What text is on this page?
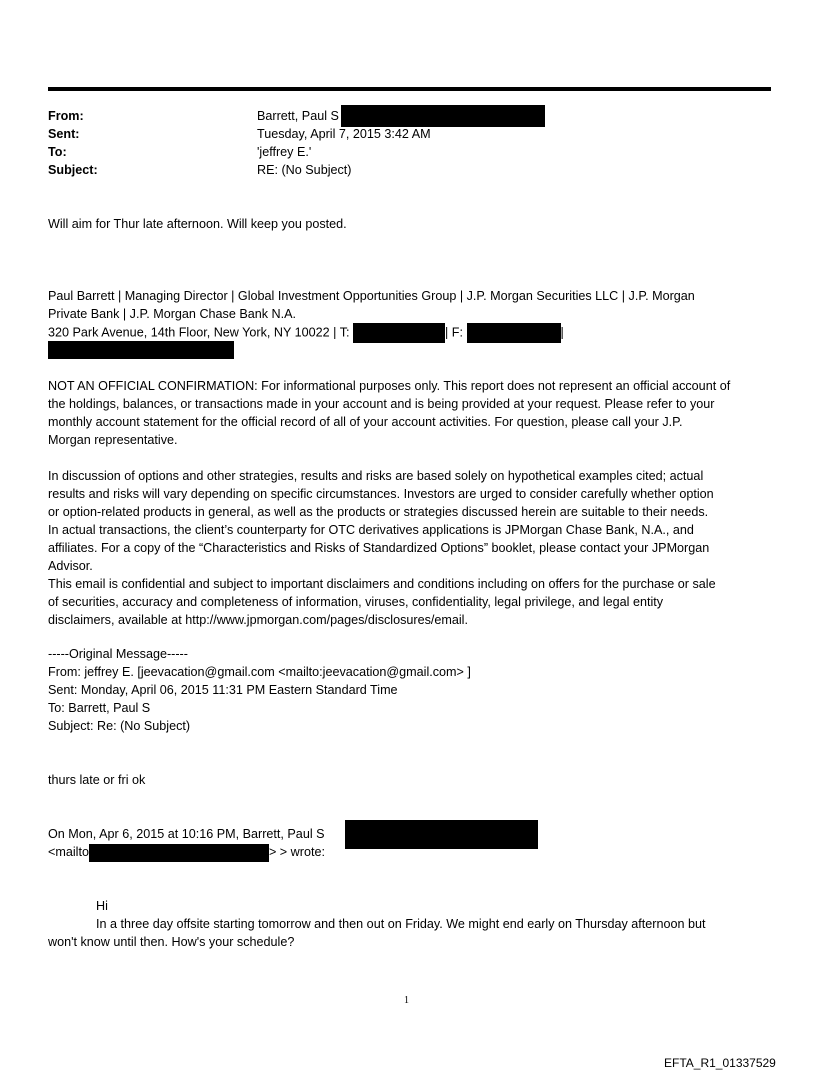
From:	Barrett, Paul S
Sent:	Tuesday, April 7, 2015 3:42 AM
To:	'jeffrey E.'
Subject:	RE: (No Subject)
Will aim for Thur late afternoon. Will keep you posted.
Paul Barrett | Managing Director | Global Investment Opportunities Group | J.P. Morgan Securities LLC | J.P. Morgan
Private Bank | J.P. Morgan Chase Bank N.A.
320 Park Avenue, 14th Floor, New York, NY 10022 | T:	| F:	|
NOT AN OFFICIAL CONFIRMATION: For informational purposes only. This report does not represent an official account of
the holdings, balances, or transactions made in your account and is being provided at your request. Please refer to your
monthly account statement for the official record of all of your account activities. For question, please call your J.P.
Morgan representative.
In discussion of options and other strategies, results and risks are based solely on hypothetical examples cited; actual
results and risks will vary depending on specific circumstances. Investors are urged to consider carefully whether option
or option-related products in general, as well as the products or strategies discussed herein are suitable to their needs.
In actual transactions, the client’s counterparty for OTC derivatives applications is JPMorgan Chase Bank, N.A., and
affiliates. For a copy of the “Characteristics and Risks of Standardized Options” booklet, please contact your JPMorgan
Advisor.
This email is confidential and subject to important disclaimers and conditions including on offers for the purchase or sale
of securities, accuracy and completeness of information, viruses, confidentiality, legal privilege, and legal entity
disclaimers, available at http://www.jpmorgan.com/pages/disclosures/email.
-----Original Message-----
From: jeffrey E. [jeevacation@gmail.com <mailto:jeevacation@gmail.com> ]
Sent: Monday, April 06, 2015 11:31 PM Eastern Standard Time
To: Barrett, Paul S
Subject: Re: (No Subject)
thurs late or fri ok
On Mon, Apr 6, 2015 at 10:16 PM, Barrett, Paul S
<mailto	> > wrote:
Hi
In a three day offsite starting tomorrow and then out on Friday. We might end early on Thursday afternoon but
won't know until then. How's your schedule?
1
EFTA_R1_01337529
